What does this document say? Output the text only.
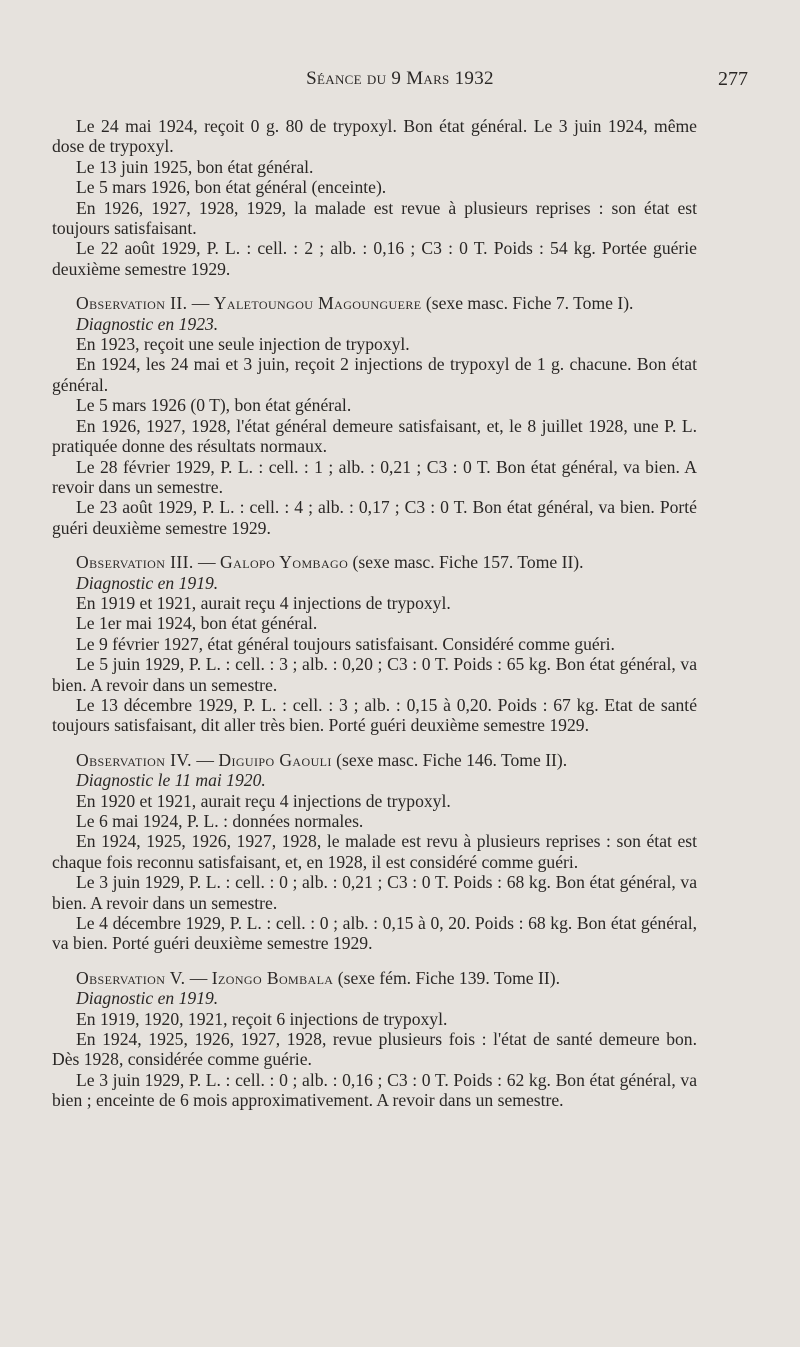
Séance du 9 Mars 1932	277

Le 24 mai 1924, reçoit 0 g. 80 de trypoxyl. Bon état général. Le 3 juin 1924, même dose de trypoxyl.

Le 13 juin 1925, bon état général.

Le 5 mars 1926, bon état général (enceinte).

En 1926, 1927, 1928, 1929, la malade est revue à plusieurs reprises : son état est toujours satisfaisant.

Le 22 août 1929, P. L. : cell. : 2 ; alb. : 0,16 ; C3 : 0 T. Poids : 54 kg. Portée guérie deuxième semestre 1929.

Observation II. — Yaletoungou Magounguere (sexe masc. Fiche 7. Tome I).

Diagnostic en 1923.

En 1923, reçoit une seule injection de trypoxyl.

En 1924, les 24 mai et 3 juin, reçoit 2 injections de trypoxyl de 1 g. chacune. Bon état général.

Le 5 mars 1926 (0 T), bon état général.

En 1926, 1927, 1928, l'état général demeure satisfaisant, et, le 8 juillet 1928, une P. L. pratiquée donne des résultats normaux.

Le 28 février 1929, P. L. : cell. : 1 ; alb. : 0,21 ; C3 : 0 T. Bon état général, va bien. A revoir dans un semestre.

Le 23 août 1929, P. L. : cell. : 4 ; alb. : 0,17 ; C3 : 0 T. Bon état général, va bien. Porté guéri deuxième semestre 1929.

Observation III. — Galopo Yombago (sexe masc. Fiche 157. Tome II).

Diagnostic en 1919.

En 1919 et 1921, aurait reçu 4 injections de trypoxyl.

Le 1er mai 1924, bon état général.

Le 9 février 1927, état général toujours satisfaisant. Considéré comme guéri.

Le 5 juin 1929, P. L. : cell. : 3 ; alb. : 0,20 ; C3 : 0 T. Poids : 65 kg. Bon état général, va bien. A revoir dans un semestre.

Le 13 décembre 1929, P. L. : cell. : 3 ; alb. : 0,15 à 0,20. Poids : 67 kg. Etat de santé toujours satisfaisant, dit aller très bien. Porté guéri deuxième semestre 1929.

Observation IV. — Diguipo Gaouli (sexe masc. Fiche 146. Tome II).

Diagnostic le 11 mai 1920.

En 1920 et 1921, aurait reçu 4 injections de trypoxyl.

Le 6 mai 1924, P. L. : données normales.

En 1924, 1925, 1926, 1927, 1928, le malade est revu à plusieurs reprises : son état est chaque fois reconnu satisfaisant, et, en 1928, il est considéré comme guéri.

Le 3 juin 1929, P. L. : cell. : 0 ; alb. : 0,21 ; C3 : 0 T. Poids : 68 kg. Bon état général, va bien. A revoir dans un semestre.

Le 4 décembre 1929, P. L. : cell. : 0 ; alb. : 0,15 à 0, 20. Poids : 68 kg. Bon état général, va bien. Porté guéri deuxième semestre 1929.

Observation V. — Izongo Bombala (sexe fém. Fiche 139. Tome II).

Diagnostic en 1919.

En 1919, 1920, 1921, reçoit 6 injections de trypoxyl.

En 1924, 1925, 1926, 1927, 1928, revue plusieurs fois : l'état de santé demeure bon. Dès 1928, considérée comme guérie.

Le 3 juin 1929, P. L. : cell. : 0 ; alb. : 0,16 ; C3 : 0 T. Poids : 62 kg. Bon état général, va bien ; enceinte de 6 mois approximativement. A revoir dans un semestre.
